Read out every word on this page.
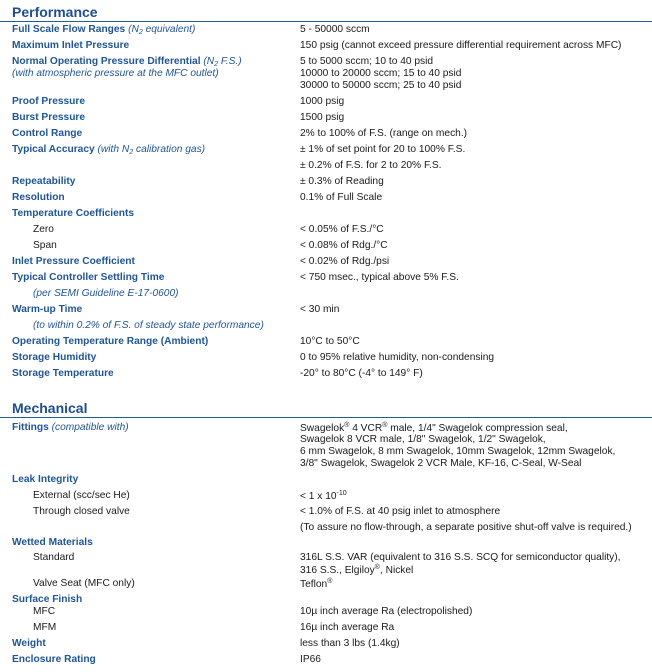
Performance
Full Scale Flow Ranges ($N_2$ equivalent)	5 - 50000 sccm
Maximum Inlet Pressure	150 psig (cannot exceed pressure differential requirement across MFC)
Normal Operating Pressure Differential ($N_2$ F.S.)	5 to 5000 sccm; 10 to 40 psid
(with atmospheric pressure at the MFC outlet)	10000 to 20000 sccm; 15 to 40 psid
30000 to 50000 sccm; 25 to 40 psid
Proof Pressure	1000 psig
Burst Pressure	1500 psig
Control Range	2% to 100% of F.S. (range on mech.)
Typical Accuracy (with $N_2$ calibration gas)	± 1% of set point for 20 to 100% F.S.
± 0.2% of F.S. for 2 to 20% F.S.
Repeatability	± 0.3% of Reading
Resolution	0.1% of Full Scale
Temperature Coefficients
Zero	< 0.05% of F.S./°C
Span	< 0.08% of Rdg./°C
Inlet Pressure Coefficient	< 0.02% of Rdg./psi
Typical Controller Settling Time	< 750 msec., typical above 5% F.S.
(per SEMI Guideline E-17-0600)
Warm-up Time	< 30 min
(to within 0.2% of F.S. of steady state performance)
Operating Temperature Range (Ambient)	10°C to 50°C
Storage Humidity	0 to 95% relative humidity, non-condensing
Storage Temperature	-20° to 80°C (-4° to 149° F)
Mechanical
Fittings (compatible with)	Swagelok® 4 VCR® male, 1/4" Swagelok compression seal,
Swagelok 8 VCR male, 1/8" Swagelok, 1/2" Swagelok,
6 mm Swagelok, 8 mm Swagelok, 10mm Swagelok, 12mm Swagelok,
3/8" Swagelok, Swagelok 2 VCR Male, KF-16, C-Seal, W-Seal
Leak Integrity
External (scc/sec He)	< 1 x $10^{-10}$
Through closed valve	< 1.0% of F.S. at 40 psig inlet to atmosphere
(To assure no flow-through, a separate positive shut-off valve is required.)
Wetted Materials
Standard	316L S.S. VAR (equivalent to 316 S.S. SCQ for semiconductor quality),
316 S.S., Elgiloy®, Nickel
Valve Seat (MFC only)	Teflon®
Surface Finish
MFC	10µ inch average Ra (electropolished)
MFM	16µ inch average Ra
Weight	less than 3 lbs (1.4kg)
Enclosure Rating	IP66
